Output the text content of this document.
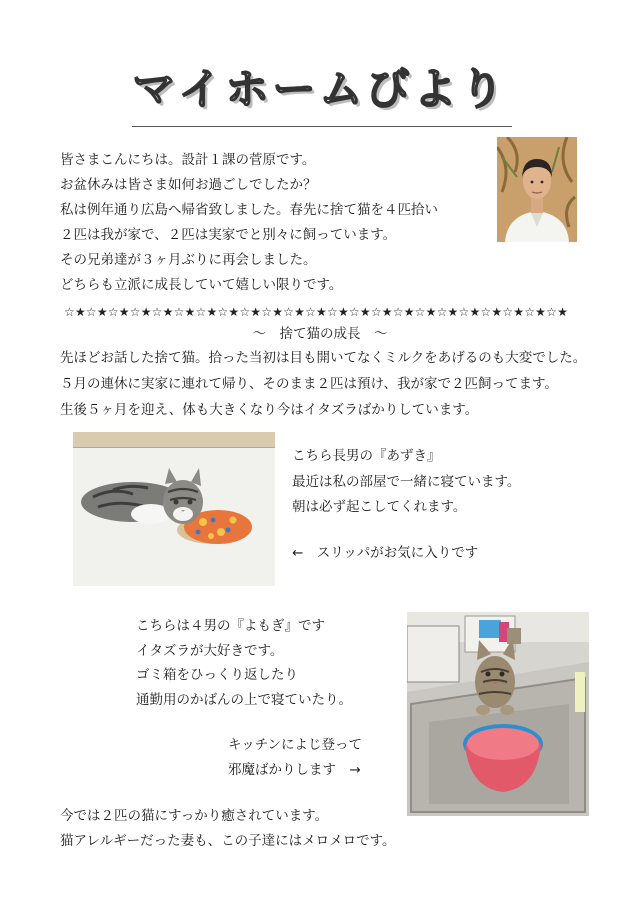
マイホームびより
皆さまこんにちは。設計１課の菅原です。
お盆休みは皆さま如何お過ごしでしたか？
私は例年通り広島へ帰省致しました。春先に捨て猫を４匹拾い
２匹は我が家で、２匹は実家でと別々に飼っています。
その兄弟達が３ヶ月ぶりに再会しました。
どちらも立派に成長していて嬉しい限りです。
☆★☆★☆★☆★☆★☆★☆★☆★☆★☆★☆★☆★☆★☆★☆★☆★☆★☆★☆★☆★☆★☆★☆★
～　捨て猫の成長　～
先ほどお話した捨て猫。拾った当初は目も開いてなくミルクをあげるのも大変でした。
５月の連休に実家に連れて帰り、そのまま２匹は預け、我が家で２匹飼ってます。
生後５ヶ月を迎え、体も大きくなり今はイタズラばかりしています。
こちら長男の『あずき』
最近は私の部屋で一緒に寝ています。
朝は必ず起こしてくれます。
←　スリッパがお気に入りです
こちらは４男の『よもぎ』です
イタズラが大好きです。
ゴミ箱をひっくり返したり
通勤用のかばんの上で寝ていたり。
キッチンによじ登って
邪魔ばかりします　→
今では２匹の猫にすっかり癒されています。
猫アレルギーだった妻も、この子達にはメロメロです。
